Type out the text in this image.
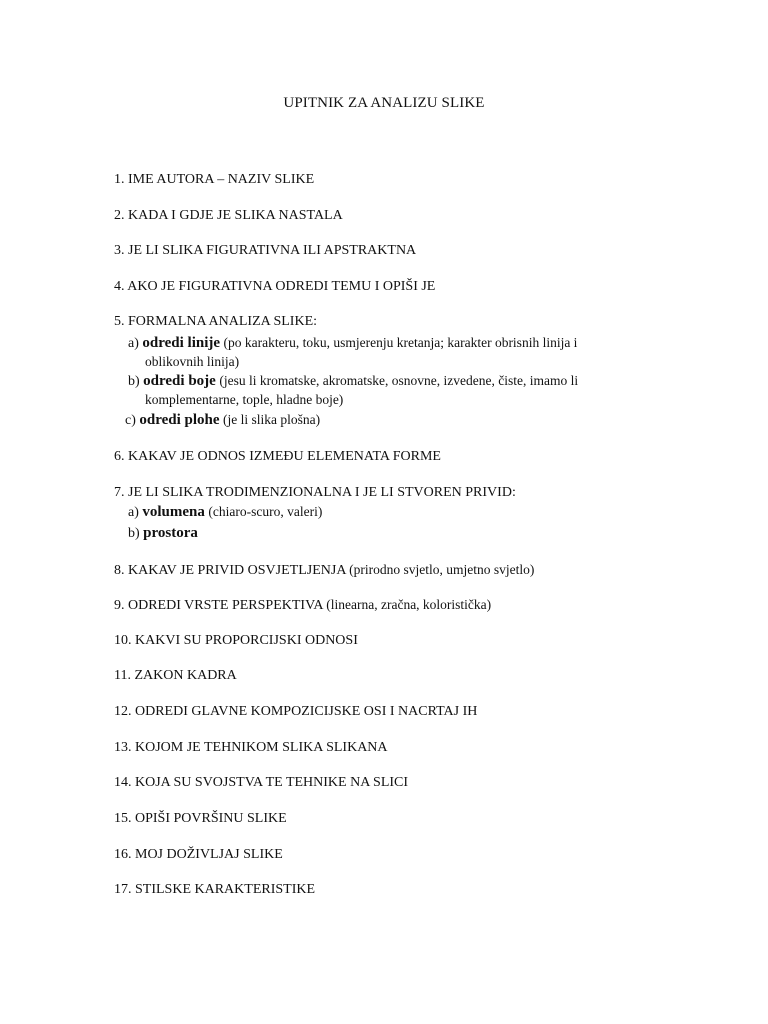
UPITNIK ZA ANALIZU SLIKE
1. IME AUTORA – NAZIV SLIKE
2. KADA I GDJE JE SLIKA NASTALA
3. JE LI SLIKA FIGURATIVNA ILI APSTRAKTNA
4. AKO JE FIGURATIVNA ODREDI TEMU I OPIŠI JE
5. FORMALNA ANALIZA SLIKE:
a) odredi linije (po karakteru, toku, usmjerenju kretanja; karakter obrisnih linija i
oblikovnih linija)
b) odredi boje (jesu li kromatske, akromatske, osnovne, izvedene, čiste, imamo li
komplementarne, tople, hladne boje)
c) odredi plohe (je li slika plošna)
6. KAKAV JE ODNOS IZMEĐU ELEMENATA FORME
7. JE LI SLIKA TRODIMENZIONALNA I JE LI STVOREN PRIVID:
a) volumena (chiaro-scuro, valeri)
b) prostora
8. KAKAV JE PRIVID OSVJETLJENJA (prirodno svjetlo, umjetno svjetlo)
9. ODREDI VRSTE PERSPEKTIVA (linearna, zračna, koloristička)
10. KAKVI SU PROPORCIJSKI ODNOSI
11. ZAKON KADRA
12. ODREDI GLAVNE KOMPOZICIJSKE OSI I NACRTAJ IH
13. KOJOM JE TEHNIKOM SLIKA SLIKANA
14. KOJA SU SVOJSTVA TE TEHNIKE NA SLICI
15. OPIŠI POVRŠINU SLIKE
16. MOJ DOŽIVLJAJ SLIKE
17. STILSKE KARAKTERISTIKE
